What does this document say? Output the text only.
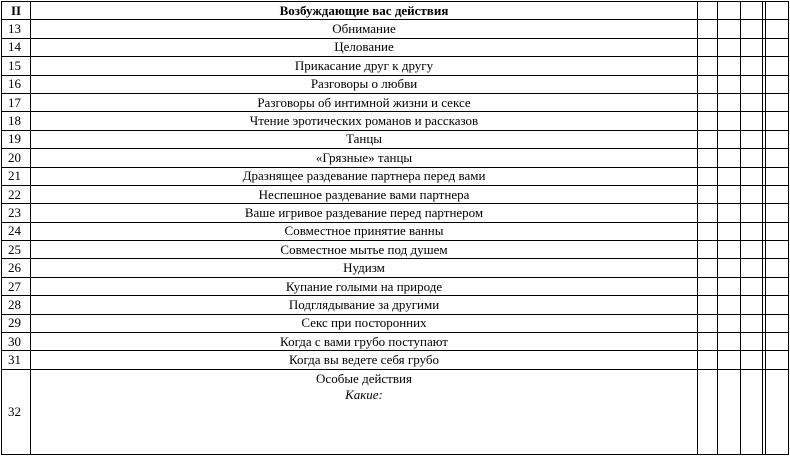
II	Возбуждающие вас действия					
13	Обнимание					
14	Целование					
15	Прикасание друг к другу					
16	Разговоры о любви					
17	Разговоры об интимной жизни и сексе					
18	Чтение эротических романов и рассказов					
19	Танцы					
20	«Грязные» танцы					
21	Дразнящее раздевание партнера перед вами					
22	Неспешное раздевание вами партнера					
23	Ваше игривое раздевание перед партнером					
24	Совместное принятие ванны					
25	Совместное мытье под душем					
26	Нудизм					
27	Купание голыми на природе					
28	Подглядывание за другими					
29	Секс при посторонних					
30	Когда с вами грубо поступают					
31	Когда вы ведете себя грубо					
32	Особые действия
Какие:					
